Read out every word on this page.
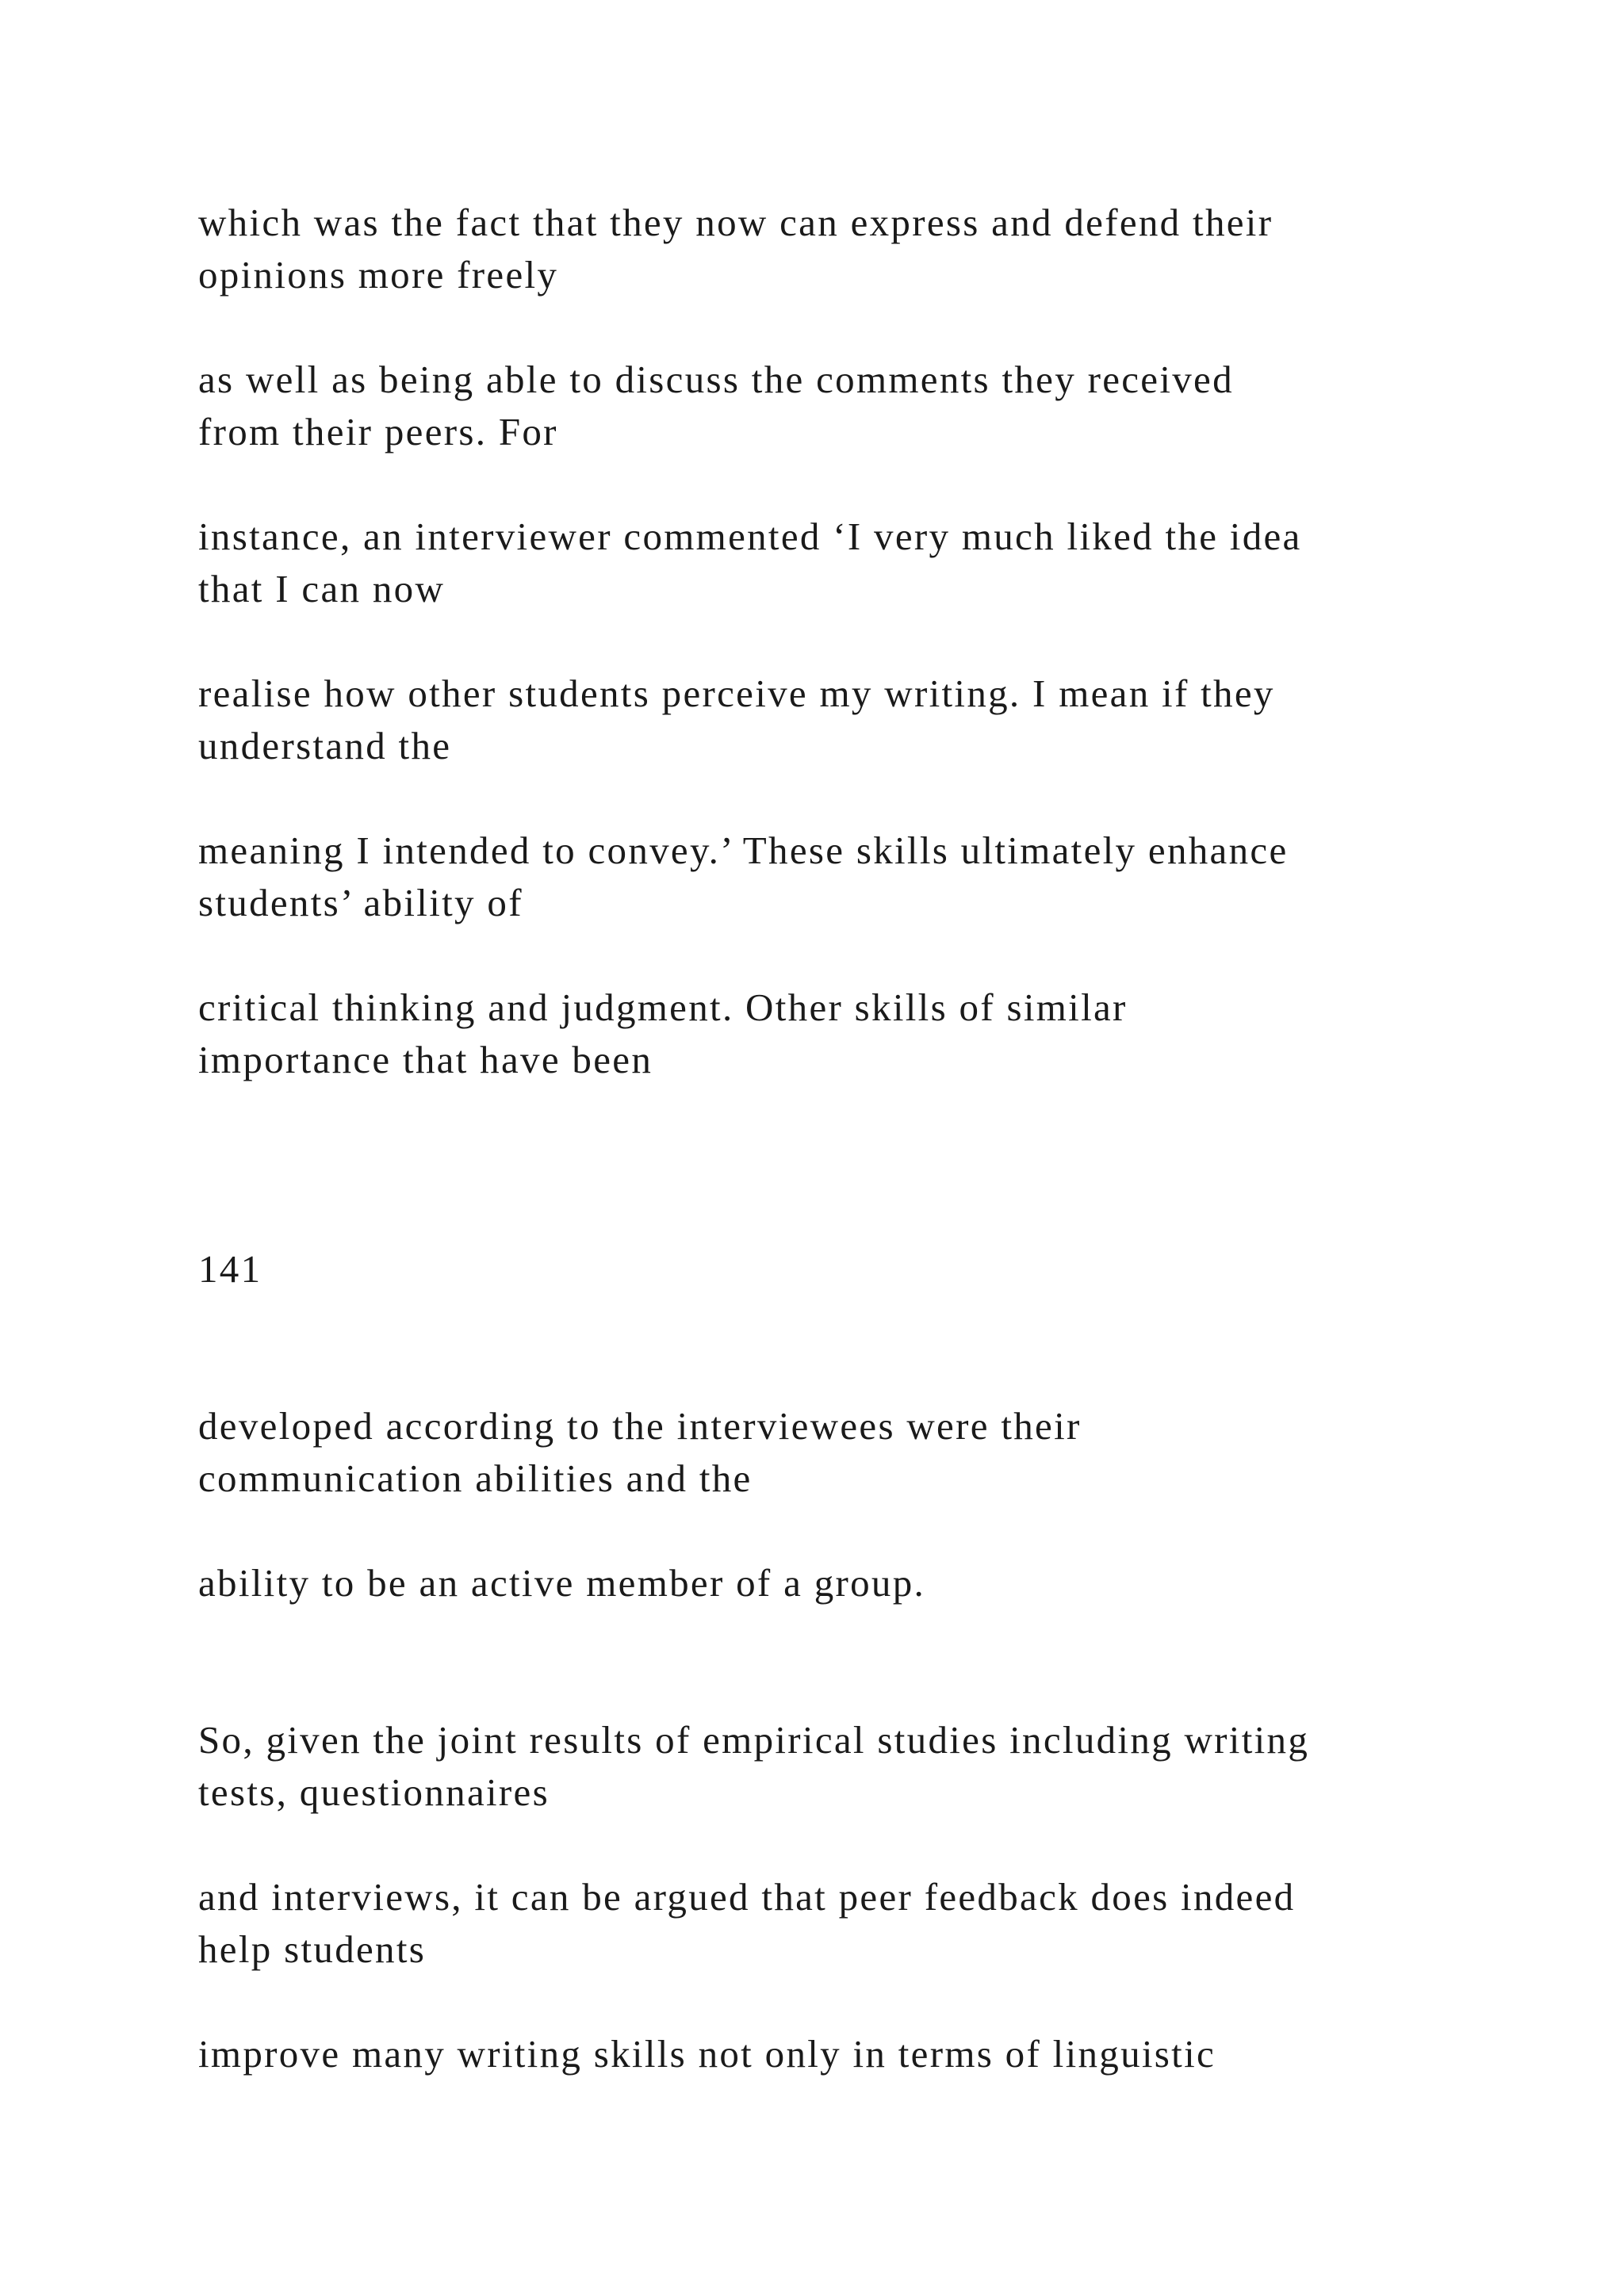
which was the fact that they now can express and defend their

opinions more freely

as well as being able to discuss the comments they received

from their peers. For

instance, an interviewer commented ‘I very much liked the idea

that I can now

realise how other students perceive my writing. I mean if they

understand the

meaning I intended to convey.’ These skills ultimately enhance

students’ ability of

critical thinking and judgment. Other skills of similar

importance that have been

141

developed according to the interviewees were their

communication abilities and the

ability to be an active member of a group.

So, given the joint results of empirical studies including writing

tests, questionnaires

and interviews, it can be argued that peer feedback does indeed

help students

improve many writing skills not only in terms of linguistic
